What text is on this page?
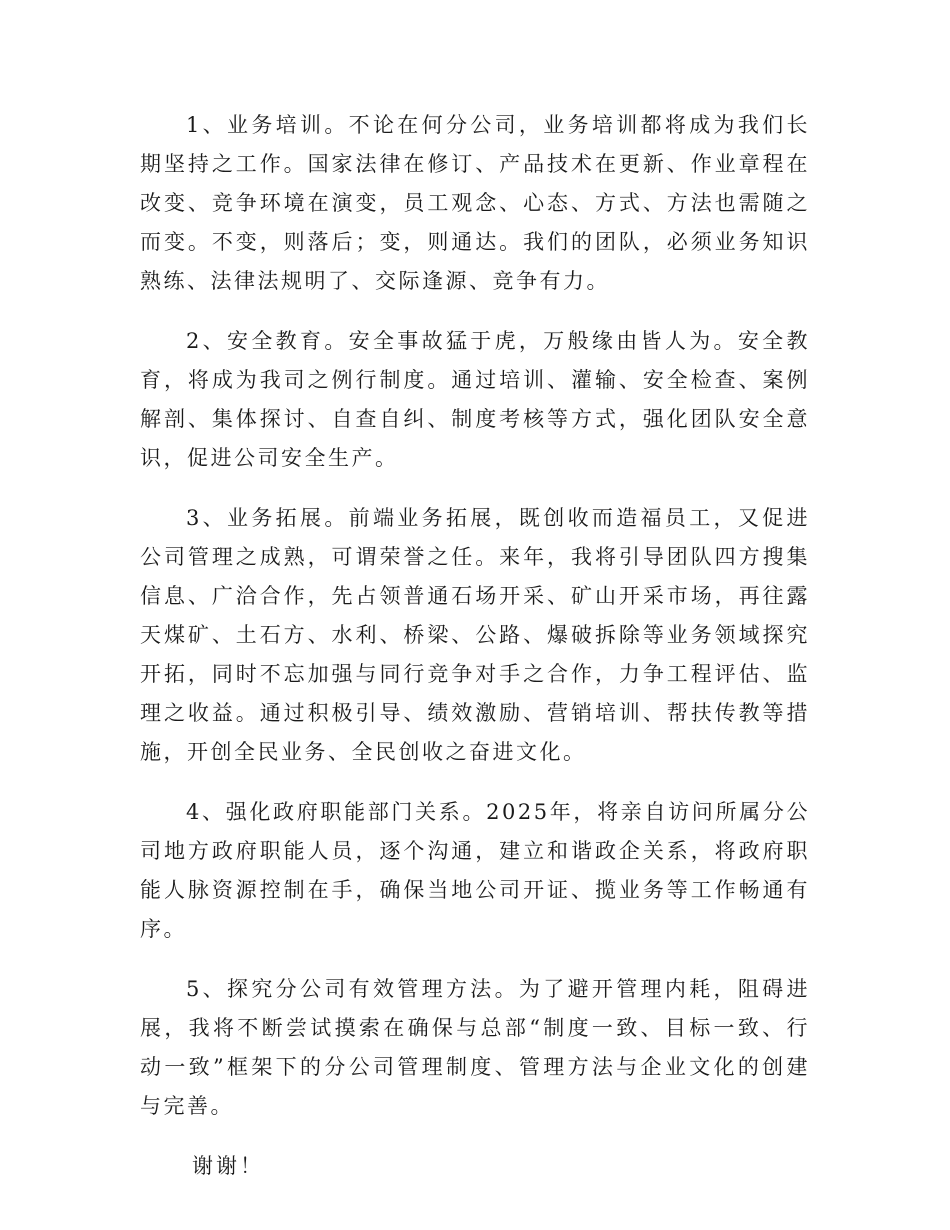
1、业务培训。不论在何分公司，业务培训都将成为我们长期坚持之工作。国家法律在修订、产品技术在更新、作业章程在改变、竞争环境在演变，员工观念、心态、方式、方法也需随之而变。不变，则落后；变，则通达。我们的团队，必须业务知识熟练、法律法规明了、交际逢源、竞争有力。

2、安全教育。安全事故猛于虎，万般缘由皆人为。安全教育，将成为我司之例行制度。通过培训、灌输、安全检查、案例解剖、集体探讨、自查自纠、制度考核等方式，强化团队安全意识，促进公司安全生产。

3、业务拓展。前端业务拓展，既创收而造福员工，又促进公司管理之成熟，可谓荣誉之任。来年，我将引导团队四方搜集信息、广洽合作，先占领普通石场开采、矿山开采市场，再往露天煤矿、土石方、水利、桥梁、公路、爆破拆除等业务领域探究开拓，同时不忘加强与同行竞争对手之合作，力争工程评估、监理之收益。通过积极引导、绩效激励、营销培训、帮扶传教等措施，开创全民业务、全民创收之奋进文化。

4、强化政府职能部门关系。2025年，将亲自访问所属分公司地方政府职能人员，逐个沟通，建立和谐政企关系，将政府职能人脉资源控制在手，确保当地公司开证、揽业务等工作畅通有序。

5、探究分公司有效管理方法。为了避开管理内耗，阻碍进展，我将不断尝试摸索在确保与总部“制度一致、目标一致、行动一致”框架下的分公司管理制度、管理方法与企业文化的创建与完善。

谢谢！
